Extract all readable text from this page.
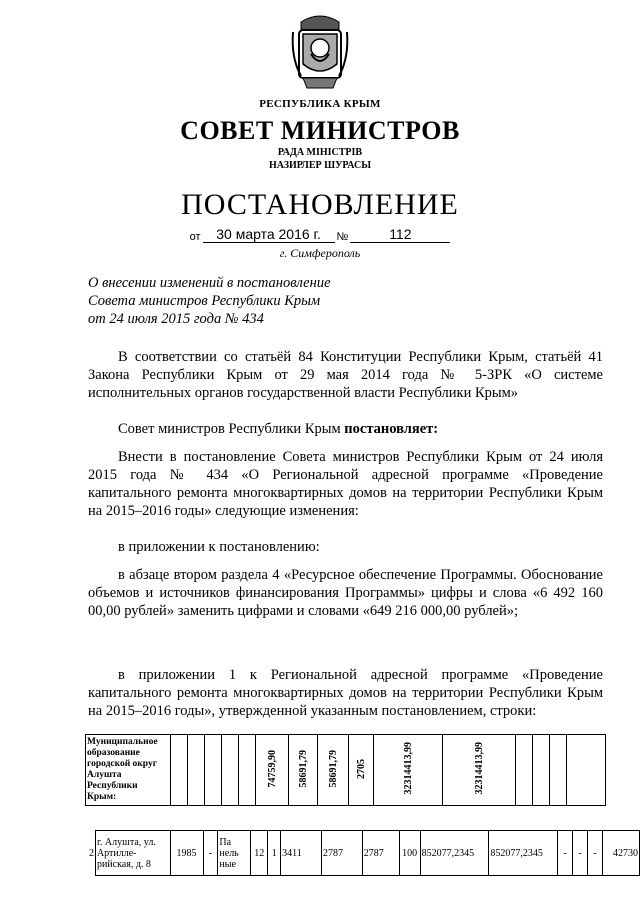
РЕСПУБЛИКА КРЫМ
СОВЕТ МИНИСТРОВ
РАДА МІНІСТРІВ
НАЗИРЛЕР ШУРАСЫ
ПОСТАНОВЛЕНИЕ
от	30 марта 2016 г.	№	112
г. Симферополь
О внесении изменений в постановление
Совета министров Республики Крым
от 24 июля 2015 года № 434
В соответствии со статьёй 84 Конституции Республики Крым, статьёй 41 Закона Республики Крым от 29 мая 2014 года № 5-ЗРК «О системе исполнительных органов государственной власти Республики Крым»
Совет министров Республики Крым постановляет:
Внести в постановление Совета министров Республики Крым от 24 июля 2015 года № 434 «О Региональной адресной программе «Проведение капитального ремонта многоквартирных домов на территории Республики Крым на 2015–2016 годы» следующие изменения:
в приложении к постановлению:
в абзаце втором раздела 4 «Ресурсное обеспечение Программы. Обоснование объемов и источников финансирования Программы» цифры и слова «6 492 160 00,00 рублей» заменить цифрами и словами «649 216 000,00 рублей»;
в приложении 1 к Региональной адресной программе «Проведение капитального ремонта многоквартирных домов на территории Республики Крым на 2015–2016 годы», утвержденной указанным постановлением, строки:
Муниципальное образование городской округ Алушта Республики Крым:						74759,90	58691,79	58691,79	2705	32314413,99	32314413,99				
2	г. Алушта, ул. Артилле-рийская, д. 8	1985	-	Па нель ные	12	1	3411	2787	2787	100	852077,2345	852077,2345	-	-	-	42730
